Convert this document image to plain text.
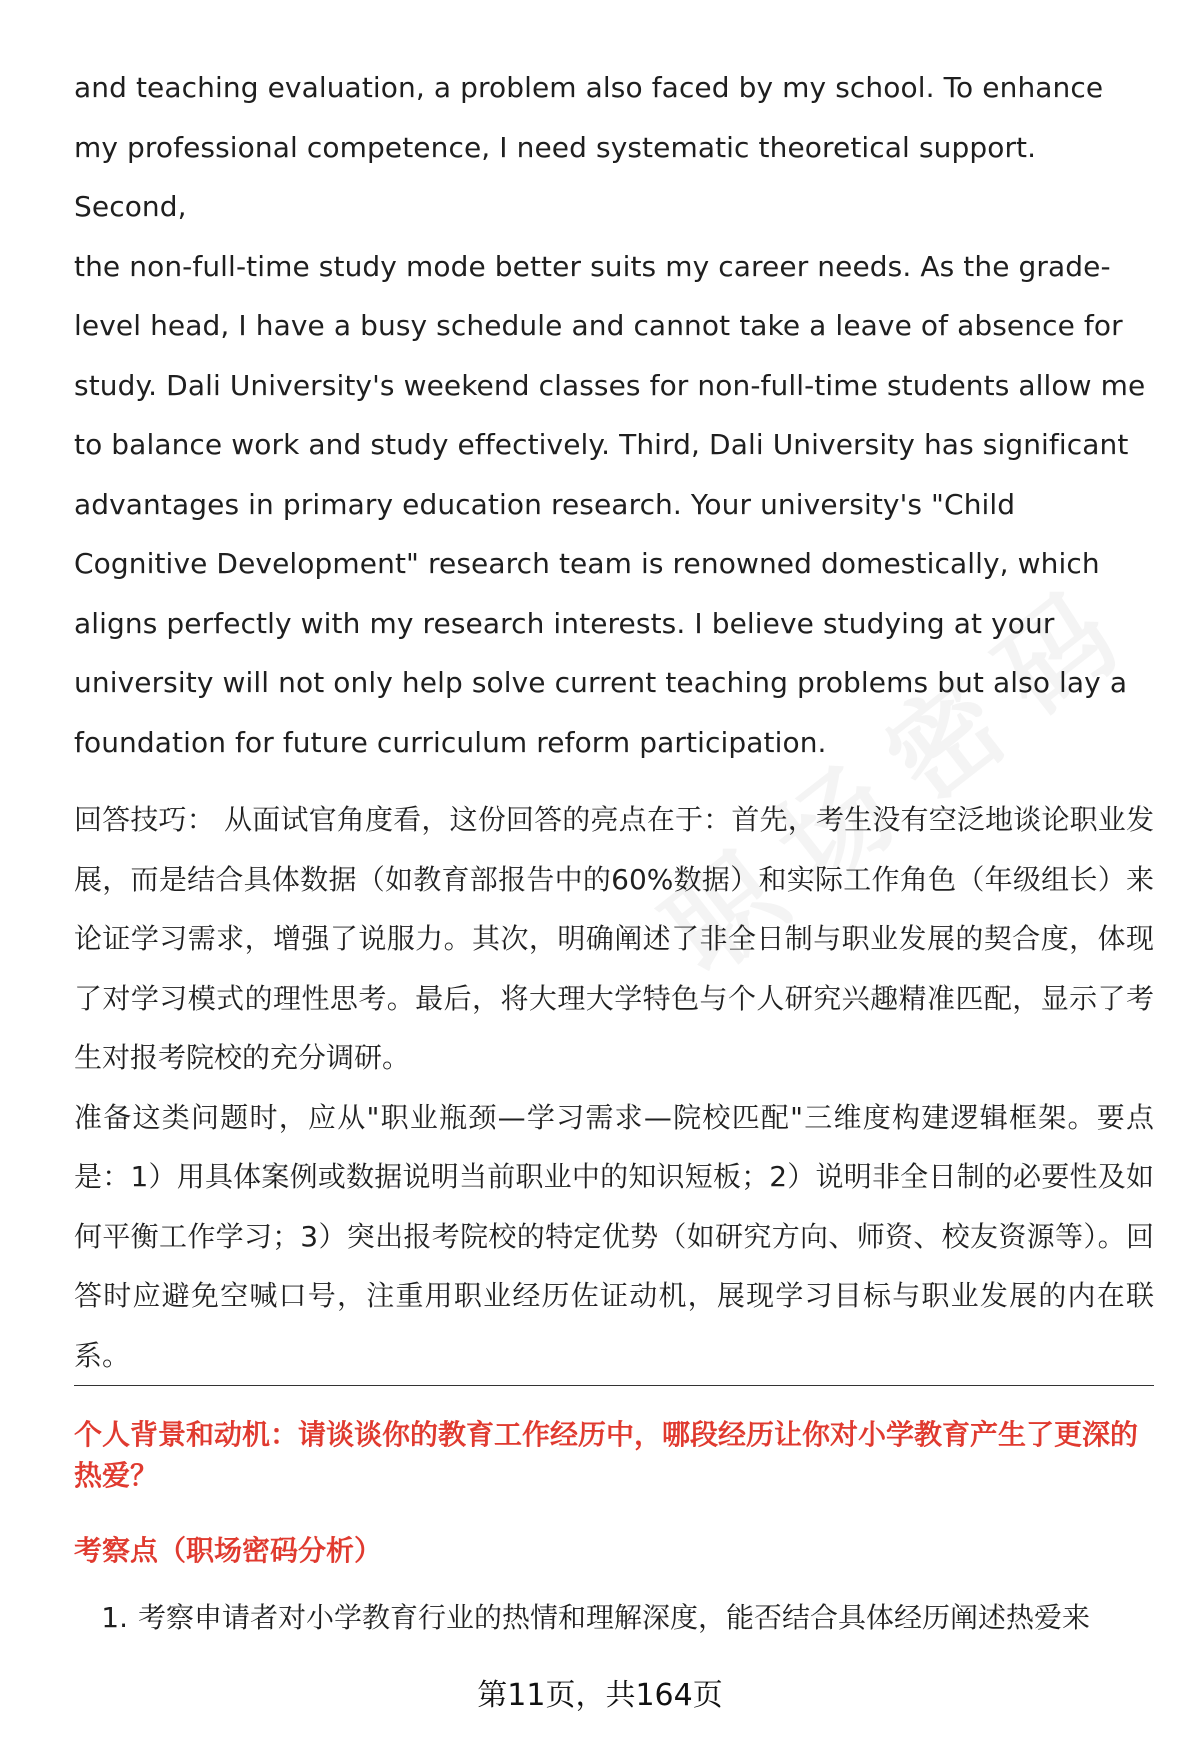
and teaching evaluation, a problem also faced by my school. To enhance

my professional competence, I need systematic theoretical support. Second,

the non-full-time study mode better suits my career needs. As the grade-

level head, I have a busy schedule and cannot take a leave of absence for

study. Dali University's weekend classes for non-full-time students allow me

to balance work and study effectively. Third, Dali University has significant

advantages in primary education research. Your university's "Child

Cognitive Development" research team is renowned domestically, which

aligns perfectly with my research interests. I believe studying at your

university will not only help solve current teaching problems but also lay a

foundation for future curriculum reform participation.

回答技巧： 从面试官角度看，这份回答的亮点在于：首先，考生没有空泛地谈论职业发展，而是结合具体数据（如教育部报告中的60%数据）和实际工作角色（年级组长）来论证学习需求，增强了说服力。其次，明确阐述了非全日制与职业发展的契合度，体现了对学习模式的理性思考。最后，将大理大学特色与个人研究兴趣精准匹配，显示了考生对报考院校的充分调研。

准备这类问题时，应从"职业瓶颈—学习需求—院校匹配"三维度构建逻辑框架。要点是：1）用具体案例或数据说明当前职业中的知识短板；2）说明非全日制的必要性及如何平衡工作学习；3）突出报考院校的特定优势（如研究方向、师资、校友资源等）。回答时应避免空喊口号，注重用职业经历佐证动机，展现学习目标与职业发展的内在联系。

个人背景和动机：请谈谈你的教育工作经历中，哪段经历让你对小学教育产生了更深的热爱？
考察点（职场密码分析）
1. 考察申请者对小学教育行业的热情和理解深度，能否结合具体经历阐述热爱来
第11页，共164页
